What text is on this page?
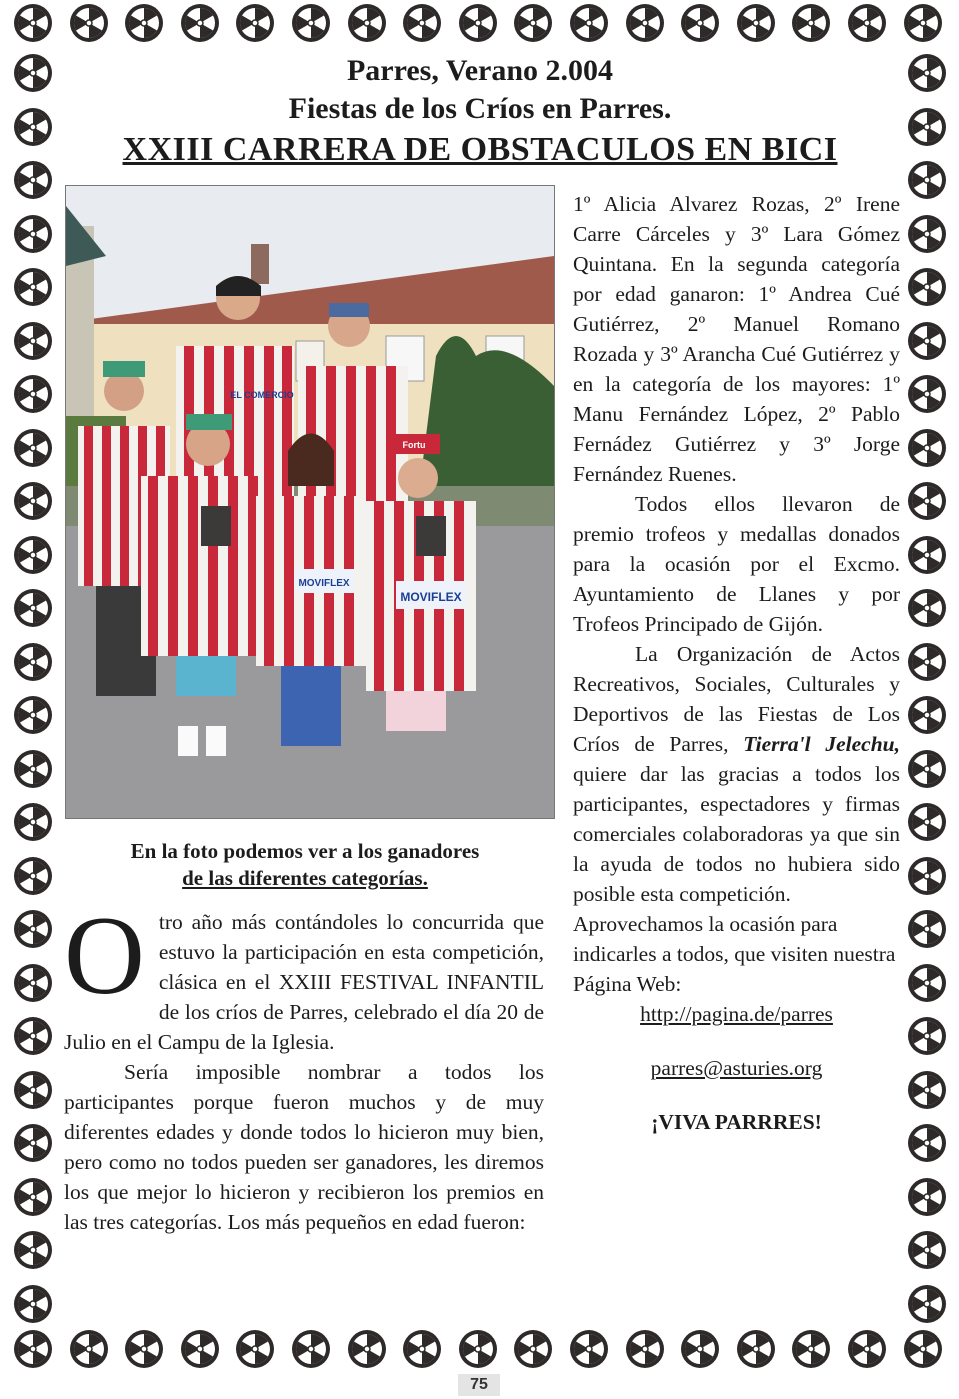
Parres, Verano 2.004
Fiestas de los Críos en Parres.
XXIII CARRERA DE OBSTACULOS EN BICI
MOVIFLEX
MOVIFLEX
EL COMERCIO
Fortu
En la foto podemos ver a los ganadores
de las diferentes categorías.

Otro año más contándoles lo concurrida que estuvo la participación en esta competición, clásica en el XXIII FESTIVAL INFANTIL de los críos de Parres, celebrado el día 20 de Julio en el Campu de la Iglesia.

Sería imposible nombrar a todos los participantes porque fueron muchos y de muy diferentes edades y donde todos lo hicieron muy bien, pero como no todos pueden ser ganadores, les diremos los que mejor lo hicieron y recibieron los premios en las tres categorías. Los más pequeños en edad fueron:

1º Alicia Alvarez Rozas, 2º Irene Carre Cárceles y 3º Lara Gómez Quintana. En la segunda categoría por edad ganaron: 1º Andrea Cué Gutiérrez, 2º Manuel Romano Rozada y 3º Arancha Cué Gutiérrez y en la categoría de los mayores: 1º Manu Fernández López, 2º Pablo Fernádez Gutiérrez y 3º Jorge Fernández Ruenes.

Todos ellos llevaron de premio trofeos y medallas donados para la ocasión por el Excmo. Ayuntamiento de Llanes y por Trofeos Principado de Gijón.

La Organización de Actos Recreativos, Sociales, Culturales y Deportivos de las Fiestas de Los Críos de Parres, Tierra'l Jelechu, quiere dar las gracias a todos los participantes, espectadores y firmas comerciales colaboradoras ya que sin la ayuda de todos no hubiera sido posible esta competición.

Aprovechamos la ocasión para indicarles a todos, que visiten nuestra Página Web:

http://pagina.de/parres

parres@asturies.org

¡VIVA PARRRES!

75
